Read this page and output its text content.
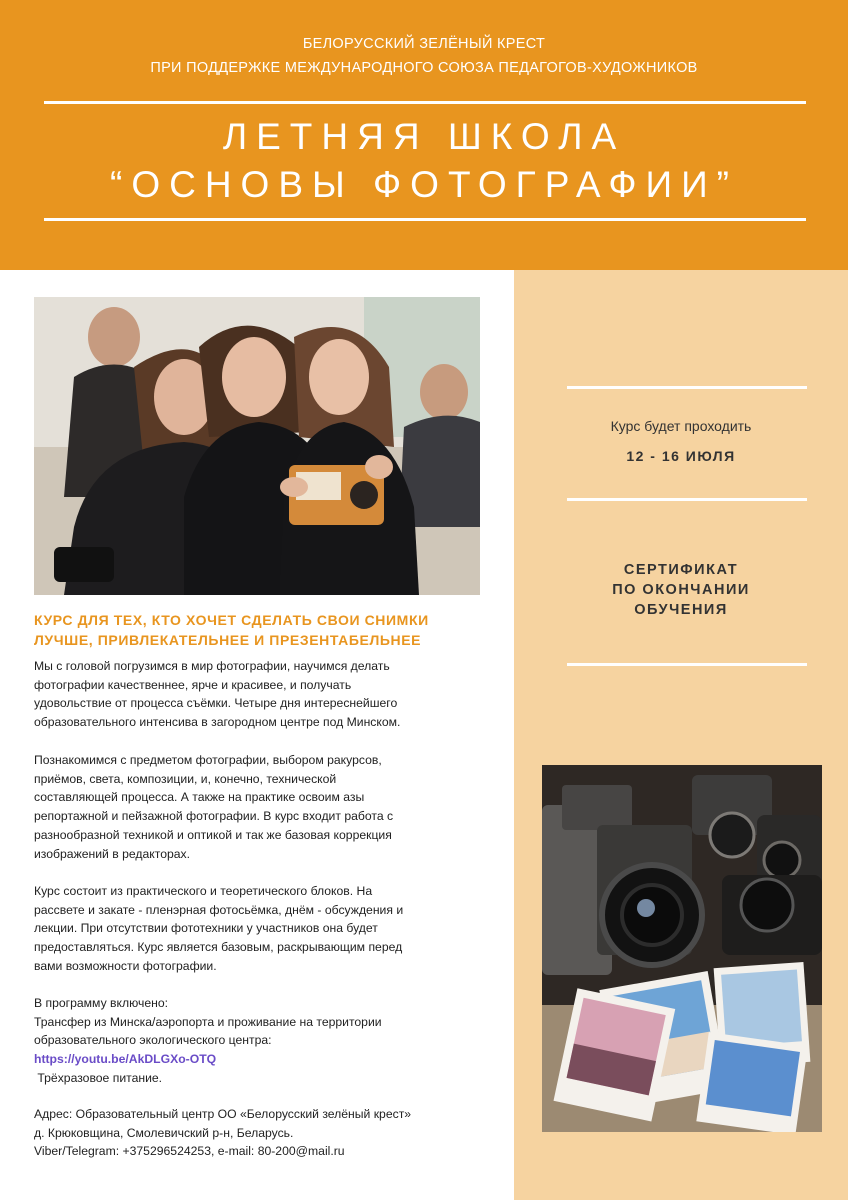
БЕЛОРУССКИЙ ЗЕЛЁНЫЙ КРЕСТ
ПРИ ПОДДЕРЖКЕ МЕЖДУНАРОДНОГО СОЮЗА ПЕДАГОГОВ-ХУДОЖНИКОВ
ЛЕТНЯЯ ШКОЛА
“ОСНОВЫ ФОТОГРАФИИ”
Курс будет проходить
12 - 16 ИЮЛЯ
СЕРТИФИКАТ
ПО ОКОНЧАНИИ
ОБУЧЕНИЯ
КУРС ДЛЯ ТЕХ, КТО ХОЧЕТ СДЕЛАТЬ СВОИ СНИМКИ
ЛУЧШЕ, ПРИВЛЕКАТЕЛЬНЕЕ И ПРЕЗЕНТАБЕЛЬНЕЕ
Мы с головой погрузимся в мир фотографии, научимся делать
фотографии качественнее, ярче и красивее, и получать
удовольствие от процесса съёмки. Четыре дня интереснейшего
образовательного интенсива в загородном центре под Минском.
Познакомимся с предметом фотографии, выбором ракурсов,
приёмов, света, композиции, и, конечно, технической
составляющей процесса. А также на практике освоим азы
репортажной и пейзажной фотографии. В курс входит работа с
разнообразной техникой и оптикой и так же базовая коррекция
изображений в редакторах.
Курс состоит из практического и теоретического блоков. На
рассвете и закате - пленэрная фотосьёмка, днём - обсуждения и
лекции. При отсутствии фототехники у участников она будет
предоставляться. Курс является базовым, раскрывающим перед
вами возможности фотографии.
В программу включено:
Трансфер из Минска/аэропорта и проживание на территории
образовательного экологического центра:
https://youtu.be/AkDLGXo-OTQ
Трёхразовое питание.
Адрес: Образовательный центр ОО «Белорусский зелёный крест»
д. Крюковщина, Смолевичский р-н, Беларусь.
Viber/Telegram: +375296524253, e-mail: 80-200@mail.ru
